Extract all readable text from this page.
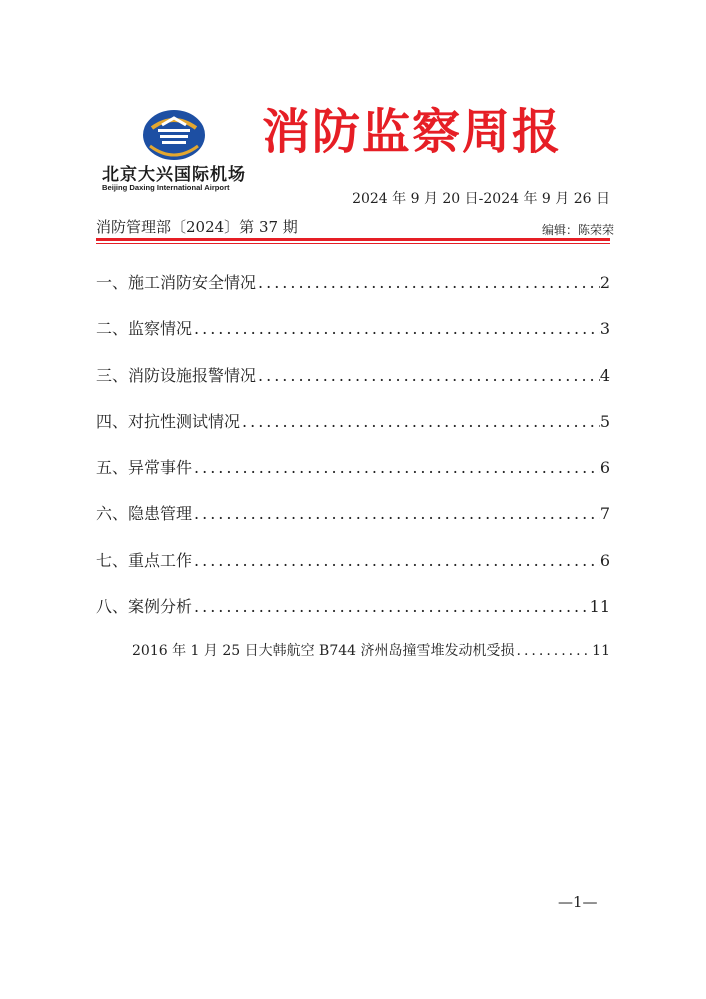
北京大兴国际机场
Beijing Daxing International Airport
消防监察周报
2024 年 9 月 20 日-2024 年 9 月 26 日
消防管理部〔2024〕第 37 期	编辑：陈荣荣
一、施工消防安全情况 .....	2
二、监察情况 .....	3
三、消防设施报警情况 .....	4
四、对抗性测试情况 .....	5
五、异常事件 .....	6
六、隐患管理 .....	7
七、重点工作 .....	6
八、案例分析 .....	11
2016 年 1 月 25 日大韩航空 B744 济州岛撞雪堆发动机受损 .....	11
—1—
